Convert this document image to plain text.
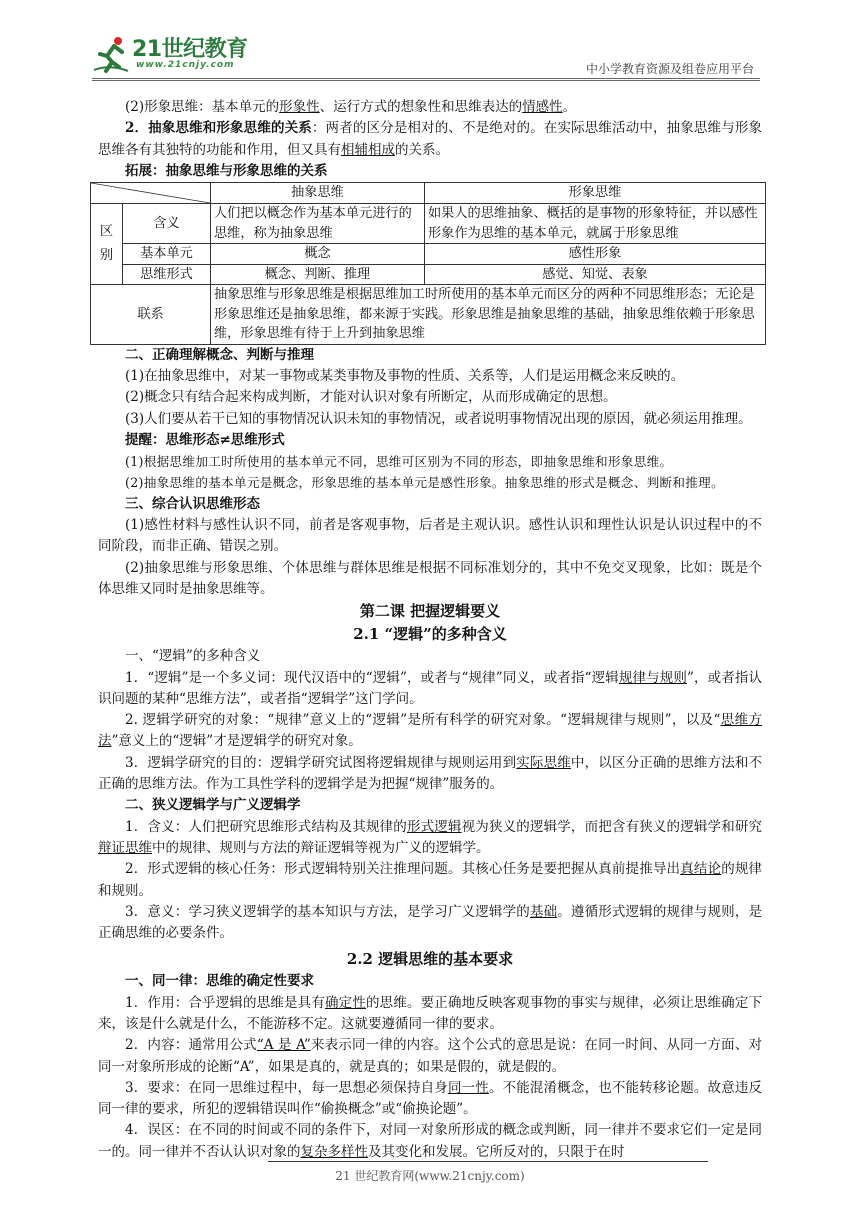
21世纪教育
www.21cnjy.com	中小学教育资源及组卷应用平台

(2)形象思维：基本单元的形象性、运行方式的想象性和思维表达的情感性。

2．抽象思维和形象思维的关系：两者的区分是相对的、不是绝对的。在实际思维活动中，抽象思维与形象思维各有其独特的功能和作用，但又具有相辅相成的关系。

拓展：抽象思维与形象思维的关系

	抽象思维	形象思维
区别	含义	人们把以概念作为基本单元进行的思维，称为抽象思维	如果人的思维抽象、概括的是事物的形象特征，并以感性形象作为思维的基本单元，就属于形象思维
	基本单元	概念	感性形象
	思维形式	概念、判断、推理	感觉、知觉、表象
联系		抽象思维与形象思维是根据思维加工时所使用的基本单元而区分的两种不同思维形态；无论是形象思维还是抽象思维，都来源于实践。形象思维是抽象思维的基础，抽象思维依赖于形象思维，形象思维有待于上升到抽象思维	

二、正确理解概念、判断与推理

(1)在抽象思维中，对某一事物或某类事物及事物的性质、关系等，人们是运用概念来反映的。

(2)概念只有结合起来构成判断，才能对认识对象有所断定，从而形成确定的思想。

(3)人们要从若干已知的事物情况认识未知的事物情况，或者说明事物情况出现的原因，就必须运用推理。

提醒：思维形态≠思维形式

(1)根据思维加工时所使用的基本单元不同，思维可区别为不同的形态，即抽象思维和形象思维。

(2)抽象思维的基本单元是概念，形象思维的基本单元是感性形象。抽象思维的形式是概念、判断和推理。

三、综合认识思维形态

(1)感性材料与感性认识不同，前者是客观事物，后者是主观认识。感性认识和理性认识是认识过程中的不同阶段，而非正确、错误之别。

(2)抽象思维与形象思维、个体思维与群体思维是根据不同标准划分的，其中不免交叉现象，比如：既是个体思维又同时是抽象思维等。

第二课 把握逻辑要义

2.1 “逻辑”的多种含义

一、“逻辑”的多种含义

1．“逻辑”是一个多义词：现代汉语中的“逻辑”，或者与“规律”同义，或者指“逻辑规律与规则”，或者指认识问题的某种“思维方法”，或者指“逻辑学”这门学问。

2. 逻辑学研究的对象：“规律”意义上的“逻辑”是所有科学的研究对象。“逻辑规律与规则”，以及“思维方法”意义上的“逻辑”才是逻辑学的研究对象。

3．逻辑学研究的目的：逻辑学研究试图将逻辑规律与规则运用到实际思维中，以区分正确的思维方法和不正确的思维方法。作为工具性学科的逻辑学是为把握“规律”服务的。

二、狭义逻辑学与广义逻辑学

1．含义：人们把研究思维形式结构及其规律的形式逻辑视为狭义的逻辑学，而把含有狭义的逻辑学和研究辩证思维中的规律、规则与方法的辩证逻辑等视为广义的逻辑学。

2．形式逻辑的核心任务：形式逻辑特别关注推理问题。其核心任务是要把握从真前提推导出真结论的规律和规则。

3．意义：学习狭义逻辑学的基本知识与方法，是学习广义逻辑学的基础。遵循形式逻辑的规律与规则，是正确思维的必要条件。

2.2 逻辑思维的基本要求

一、同一律：思维的确定性要求

1．作用：合乎逻辑的思维是具有确定性的思维。要正确地反映客观事物的事实与规律，必须让思维确定下来，该是什么就是什么，不能游移不定。这就要遵循同一律的要求。

2．内容：通常用公式“A 是 A”来表示同一律的内容。这个公式的意思是说：在同一时间、从同一方面、对同一对象所形成的论断“A”，如果是真的，就是真的；如果是假的，就是假的。

3．要求：在同一思维过程中，每一思想必须保持自身同一性。不能混淆概念，也不能转移论题。故意违反同一律的要求，所犯的逻辑错误叫作“偷换概念”或“偷换论题”。

4．误区：在不同的时间或不同的条件下，对同一对象所形成的概念或判断，同一律并不要求它们一定是同一的。同一律并不否认认识对象的复杂多样性及其变化和发展。它所反对的，只限于在时

21 世纪教育网(www.21cnjy.com)
